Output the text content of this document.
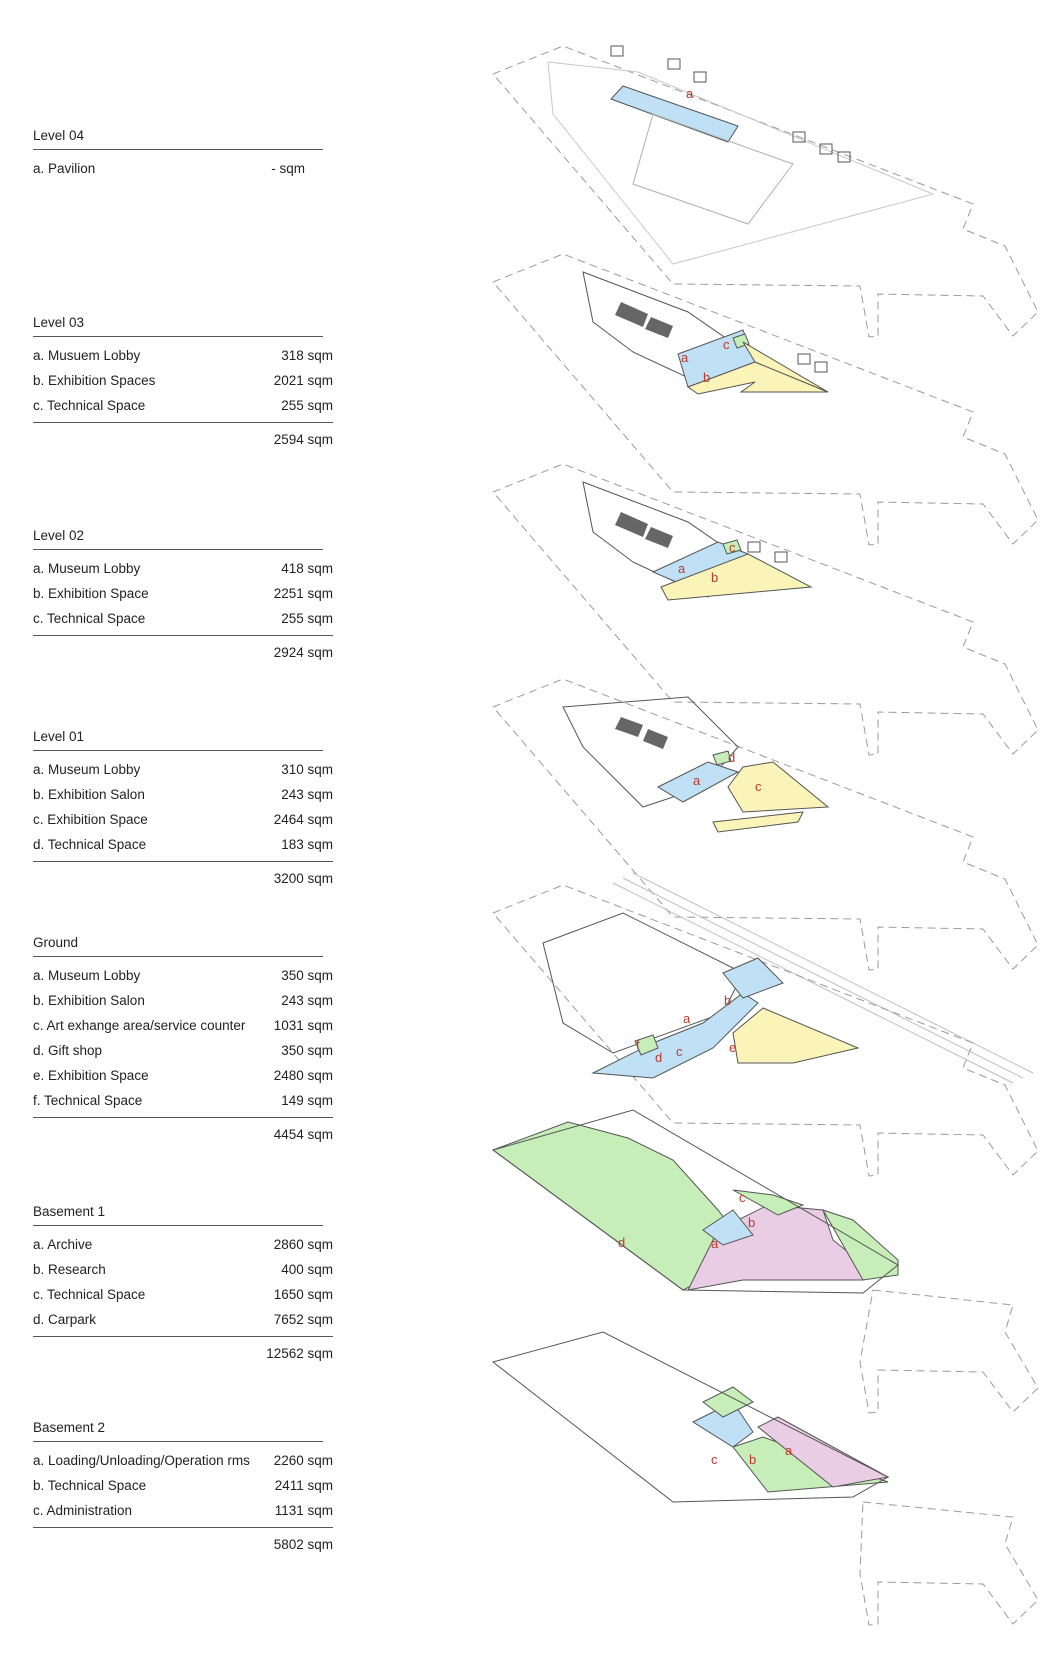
Level 04
a. Pavilion	- sqm
Level 03
a. Musuem Lobby	318 sqm
b. Exhibition Spaces	2021 sqm
c. Technical Space	255 sqm
2594 sqm
Level 02
a. Museum Lobby	418 sqm
b. Exhibition Space	2251 sqm
c. Technical Space	255 sqm
2924 sqm
Level 01
a. Museum Lobby	310 sqm
b. Exhibition Salon	243 sqm
c. Exhibition Space	2464 sqm
d. Technical Space	183 sqm
3200 sqm
Ground
a. Museum Lobby	350 sqm
b. Exhibition Salon	243 sqm
c. Art exhange area/service counter 1031 sqm
d. Gift shop	350 sqm
e. Exhibition Space	2480 sqm
f. Technical Space	149 sqm
4454 sqm
Basement 1
a. Archive	2860 sqm
b. Research	400 sqm
c. Technical Space	1650 sqm
d. Carpark	7652 sqm
12562 sqm
Basement 2
a. Loading/Unloading/Operation rms 2260 sqm
b. Technical Space	2411 sqm
c. Administration	1131 sqm
5802 sqm
a
a
b
c
a
b
c
a	c
d
a
c
d
e
f
b
a
b
c
d
a
b
c
